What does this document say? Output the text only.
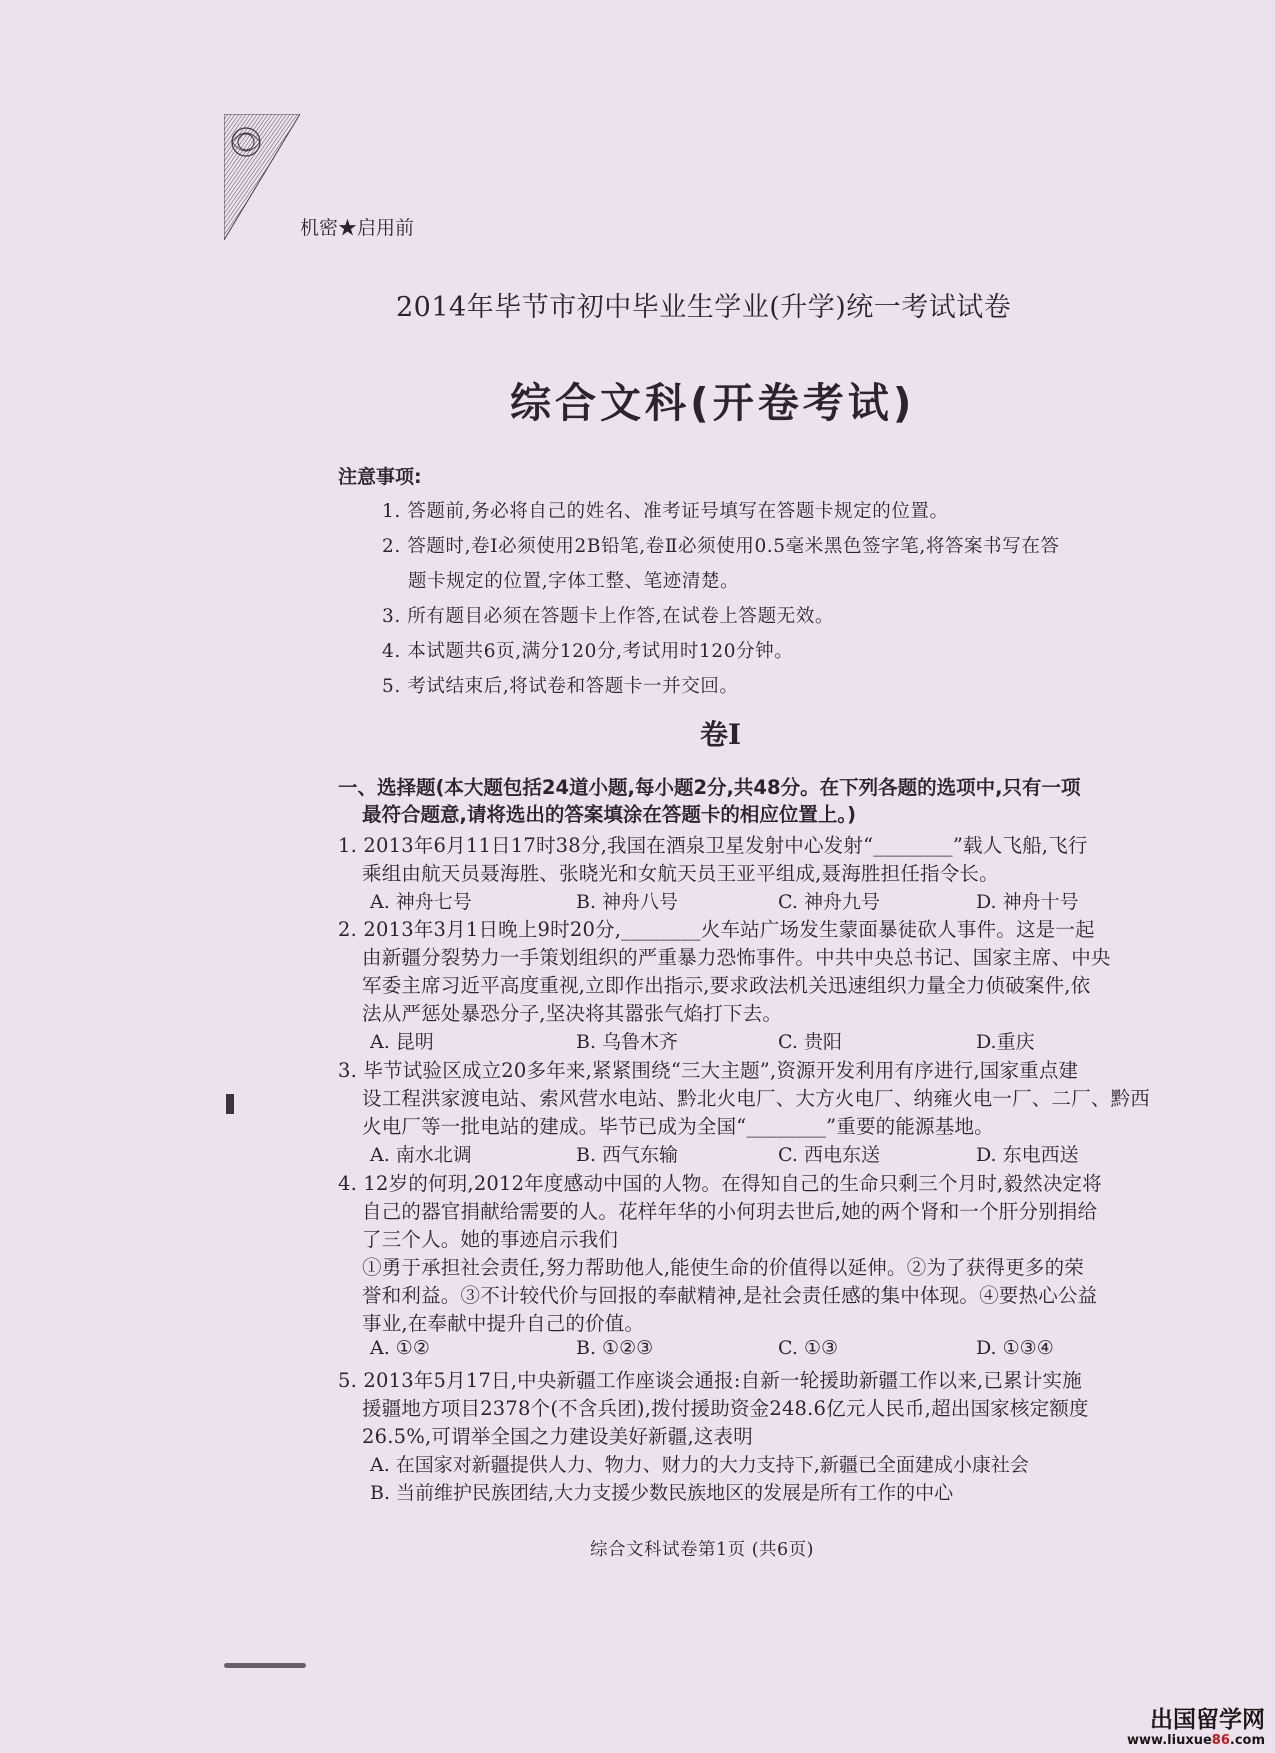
机密★启用前
2014年毕节市初中毕业生学业(升学)统一考试试卷
综合文科(开卷考试)
注意事项:
1. 答题前,务必将自己的姓名、准考证号填写在答题卡规定的位置。
2. 答题时,卷Ⅰ必须使用2B铅笔,卷Ⅱ必须使用0.5毫米黑色签字笔,将答案书写在答
题卡规定的位置,字体工整、笔迹清楚。
3. 所有题目必须在答题卡上作答,在试卷上答题无效。
4. 本试题共6页,满分120分,考试用时120分钟。
5. 考试结束后,将试卷和答题卡一并交回。
卷Ⅰ
一、选择题(本大题包括24道小题,每小题2分,共48分。在下列各题的选项中,只有一项
最符合题意,请将选出的答案填涂在答题卡的相应位置上。)
1. 2013年6月11日17时38分,我国在酒泉卫星发射中心发射“________”载人飞船,飞行
乘组由航天员聂海胜、张晓光和女航天员王亚平组成,聂海胜担任指令长。
A. 神舟七号	B. 神舟八号	C. 神舟九号	D. 神舟十号
2. 2013年3月1日晚上9时20分,________火车站广场发生蒙面暴徒砍人事件。这是一起
由新疆分裂势力一手策划组织的严重暴力恐怖事件。中共中央总书记、国家主席、中央
军委主席习近平高度重视,立即作出指示,要求政法机关迅速组织力量全力侦破案件,依
法从严惩处暴恐分子,坚决将其嚣张气焰打下去。
A. 昆明	B. 乌鲁木齐	C. 贵阳	D.重庆
3. 毕节试验区成立20多年来,紧紧围绕“三大主题”,资源开发利用有序进行,国家重点建
设工程洪家渡电站、索风营水电站、黔北火电厂、大方火电厂、纳雍火电一厂、二厂、黔西
火电厂等一批电站的建成。毕节已成为全国“________”重要的能源基地。
A. 南水北调	B. 西气东输	C. 西电东送	D. 东电西送
4. 12岁的何玥,2012年度感动中国的人物。在得知自己的生命只剩三个月时,毅然决定将
自己的器官捐献给需要的人。花样年华的小何玥去世后,她的两个肾和一个肝分别捐给
了三个人。她的事迹启示我们
①勇于承担社会责任,努力帮助他人,能使生命的价值得以延伸。②为了获得更多的荣
誉和利益。③不计较代价与回报的奉献精神,是社会责任感的集中体现。④要热心公益
事业,在奉献中提升自己的价值。
A. ①②	B. ①②③	C. ①③	D. ①③④
5. 2013年5月17日,中央新疆工作座谈会通报:自新一轮援助新疆工作以来,已累计实施
援疆地方项目2378个(不含兵团),拨付援助资金248.6亿元人民币,超出国家核定额度
26.5%,可谓举全国之力建设美好新疆,这表明
A. 在国家对新疆提供人力、物力、财力的大力支持下,新疆已全面建成小康社会
B. 当前维护民族团结,大力支援少数民族地区的发展是所有工作的中心
综合文科试卷第1页 (共6页)
出国留学网
www.liuxue86.com
